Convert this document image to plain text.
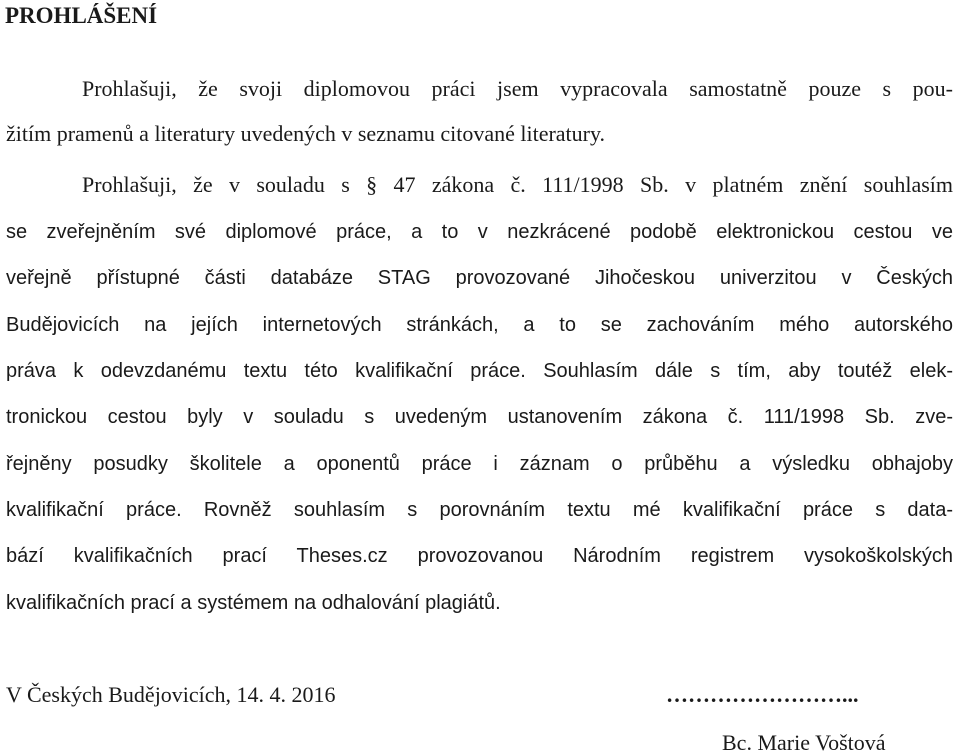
PROHLÁŠENÍ
Prohlašuji, že svoji diplomovou práci jsem vypracovala samostatně pouze s pou-
žitím pramenů a literatury uvedených v seznamu citované literatury.
Prohlašuji, že v souladu s § 47 zákona č. 111/1998 Sb. v platném znění souhlasím
se zveřejněním své diplomové práce, a to v nezkrácené podobě elektronickou cestou ve
veřejně přístupné části databáze STAG provozované Jihočeskou univerzitou v Českých
Budějovicích na jejích internetových stránkách, a to se zachováním mého autorského
práva k odevzdanému textu této kvalifikační práce. Souhlasím dále s tím, aby toutéž elek-
tronickou cestou byly v souladu s uvedeným ustanovením zákona č. 111/1998 Sb. zve-
řejněny posudky školitele a oponentů práce i záznam o průběhu a výsledku obhajoby
kvalifikační práce. Rovněž souhlasím s porovnáním textu mé kvalifikační práce s data-
bází kvalifikačních prací Theses.cz provozovanou Národním registrem vysokoškolských
kvalifikačních prací a systémem na odhalování plagiátů.
V Českých Budějovicích, 14. 4. 2016	……………………...
Bc. Marie Voštová
